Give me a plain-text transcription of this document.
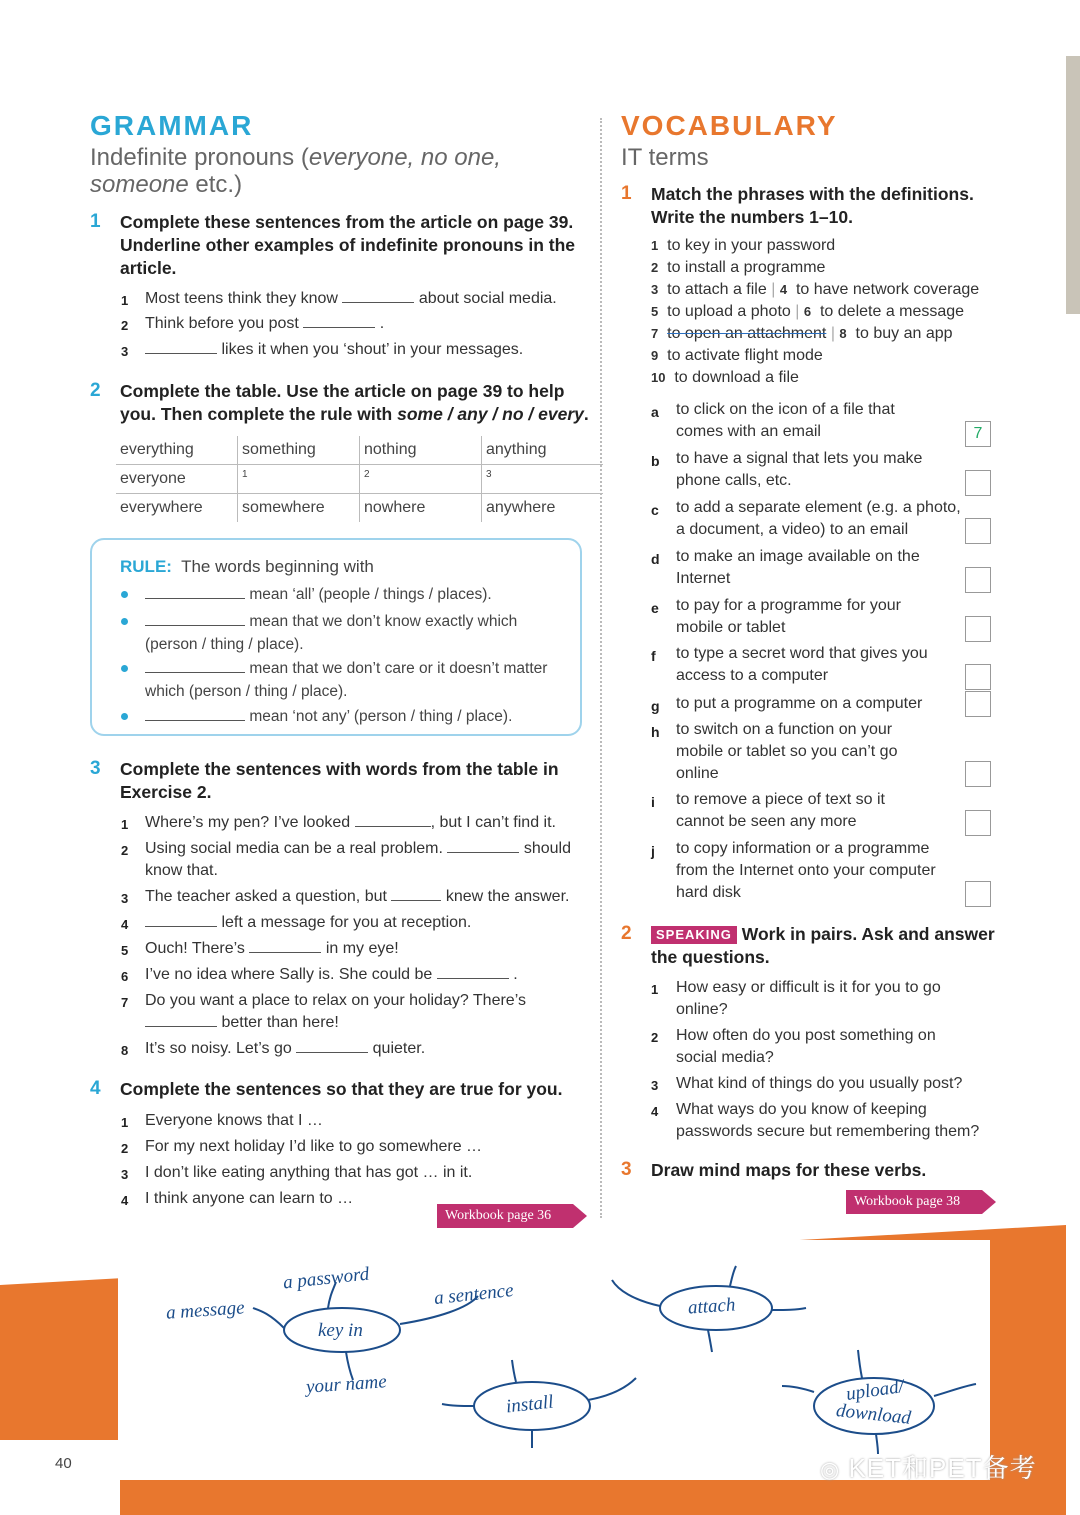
GRAMMAR
Indefinite pronouns (everyone, no one,
someone etc.)
1 Complete these sentences from the article on page 39.
Underline other examples of indefinite pronouns in the
article.
1 Most teens think they know	about social media.
2 Think before you post	.
3	likes it when you ‘shout’ in your messages.
2 Complete the table. Use the article on page 39 to help
you. Then complete the rule with some / any / no / every.
everything	something	nothing	anything
everyone	$^1$	$^2$	$^3$
everywhere	somewhere	nowhere	anywhere
RULE: The words beginning with
mean ‘all’ (people / things / places).
mean that we don’t know exactly which
(person / thing / place).
mean that we don’t care or it doesn’t matter
which (person / thing / place).
mean ‘not any’ (person / thing / place).
3 Complete the sentences with words from the table in
Exercise 2.
1 Where’s my pen? I’ve looked	, but I can’t find it.
2 Using social media can be a real problem.	should
know that.
3 The teacher asked a question, but	knew the answer.
4	left a message for you at reception.
5 Ouch! There’s	in my eye!
6 I’ve no idea where Sally is. She could be	.
7 Do you want a place to relax on your holiday? There’s
better than here!
8 It’s so noisy. Let’s go	quieter.
4 Complete the sentences so that they are true for you.
1 Everyone knows that I …
2 For my next holiday I’d like to go somewhere …
3 I don’t like eating anything that has got … in it.
4 I think anyone can learn to …
Workbook page 36
VOCABULARY
IT terms
1 Match the phrases with the definitions.
Write the numbers 1–10.
1 to key in your password
2 to install a programme
3 to attach a file | 4 to have network coverage
5 to upload a photo | 6 to delete a message
7 to open an attachment | 8 to buy an app
9 to activate flight mode
10 to download a file
a to click on the icon of a file that
comes with an email	7
b to have a signal that lets you make
phone calls, etc.
c to add a separate element (e.g. a photo,
a document, a video) to an email
d to make an image available on the
Internet
e to pay for a programme for your
mobile or tablet
f to type a secret word that gives you
access to a computer
g to put a programme on a computer
h to switch on a function on your
mobile or tablet so you can’t go
online
i to remove a piece of text so it
cannot be seen any more
j to copy information or a programme
from the Internet onto your computer
hard disk
2	SPEAKING Work in pairs. Ask and answer
the questions.
1 How easy or difficult is it for you to go
online?
2 How often do you post something on
social media?
3 What kind of things do you usually post?
4 What ways do you know of keeping
passwords secure but remembering them?
3 Draw mind maps for these verbs.
Workbook page 38
key in
a password
a message
a sentence
your name
attach
install	upload/
download
40	◎ KET和PET备考
